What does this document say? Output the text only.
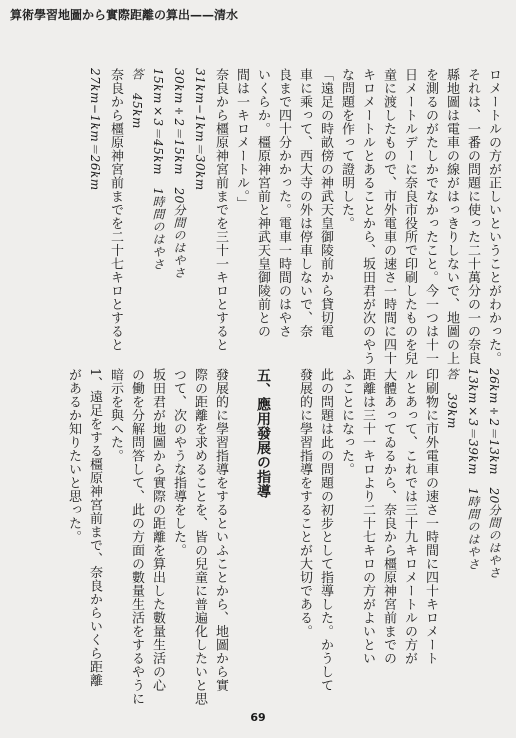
算術學習地圖から實際距離の算出——清水
ロメートルの方が正しいということがわかった。
それは、一番の問題に使った二十萬分の一の奈良
縣地圖は電車の線がはっきりしないで、地圖の上
を測るのがたしかでなかったこと。今一つは十一
日メートルデーに奈良市役所で印刷したものを兒
童に渡したもので、市外電車の速さ一時間に四十
キロメートルとあることから、坂田君が次のやう
な問題を作って證明した。
「遠足の時畝傍の神武天皇御陵前から貸切電
車に乘って、西大寺の外は停車しないで、奈
良まで四十分かかった。電車一時間のはやさ
いくらか。橿原神宮前と神武天皇御陵前との
間は一キロメートル。」
奈良から橿原神宮前までを三十一キロとすると
31km−1km＝30km
30km÷2＝15km　20分間のはやさ
15km×3＝45km　1時間のはやさ
答　45km
奈良から橿原神宮前までを二十七キロとすると
27km−1km＝26km
26km÷2＝13km　20分間のはやさ
13km×3＝39km　1時間のはやさ
答　39km
印刷物に市外電車の速さ一時間に四十キロメート
ルとあって、これでは三十九キロメートルの方が
大體あってゐるから、奈良から橿原神宮前までの
距離は三十一キロより二十七キロの方がよいとい
ふことになった。
此の問題は此の問題の初步として指導した。かうして
發展的に學習指導をすることが大切である。

五、應用發展の指導

發展的に學習指導をするといふことから、地圖から實
際の距離を求めることを、皆の兒童に普遍化したいと思
つて、次のやうな指導をした。
坂田君が地圖から實際の距離を算出した數量生活の心
の働を分解問答して、此の方面の數量生活をするやうに
暗示を與へた。
1、遠足をする橿原神宮前まで、奈良からいくら距離
があるか知りたいと思った。
69
